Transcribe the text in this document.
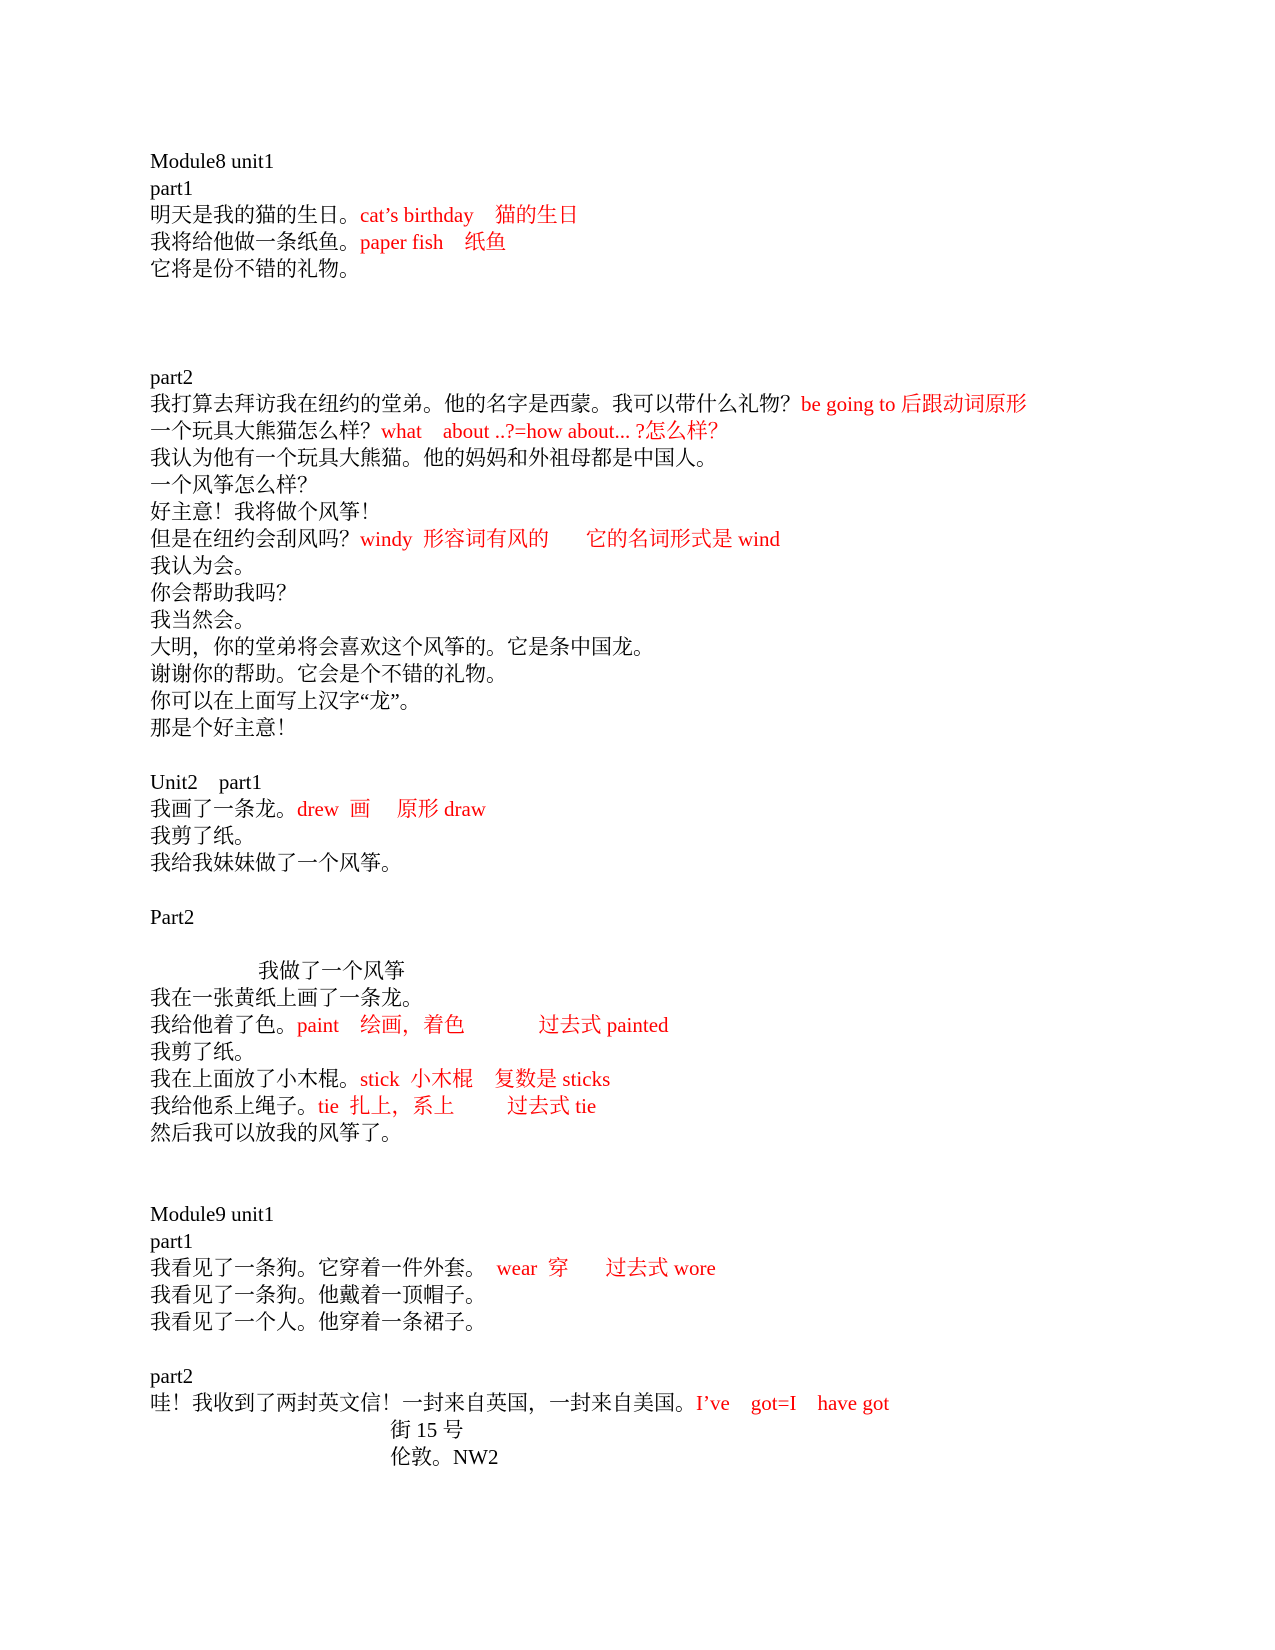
Module8 unit1
part1
明天是我的猫的生日。cat’s birthday    猫的生日
我将给他做一条纸鱼。paper fish    纸鱼
它将是份不错的礼物。
part2
我打算去拜访我在纽约的堂弟。他的名字是西蒙。我可以带什么礼物？be going to 后跟动词原形
一个玩具大熊猫怎么样？what    about ..?=how about... ?怎么样？
我认为他有一个玩具大熊猫。他的妈妈和外祖母都是中国人。
一个风筝怎么样？
好主意！我将做个风筝！
但是在纽约会刮风吗？windy  形容词有风的       它的名词形式是 wind
我认为会。
你会帮助我吗？
我当然会。
大明，你的堂弟将会喜欢这个风筝的。它是条中国龙。
谢谢你的帮助。它会是个不错的礼物。
你可以在上面写上汉字“龙”。
那是个好主意！
Unit2    part1
我画了一条龙。drew  画     原形 draw
我剪了纸。
我给我妹妹做了一个风筝。
Part2
我做了一个风筝
我在一张黄纸上画了一条龙。
我给他着了色。paint    绘画，着色              过去式 painted
我剪了纸。
我在上面放了小木棍。stick  小木棍    复数是 sticks
我给他系上绳子。tie  扎上，系上          过去式 tie
然后我可以放我的风筝了。
Module9 unit1
part1
我看见了一条狗。它穿着一件外套。  wear  穿       过去式 wore
我看见了一条狗。他戴着一顶帽子。
我看见了一个人。他穿着一条裙子。
part2
哇！我收到了两封英文信！一封来自英国，一封来自美国。I’ve    got=I    have got
街 15 号
伦敦。NW2
